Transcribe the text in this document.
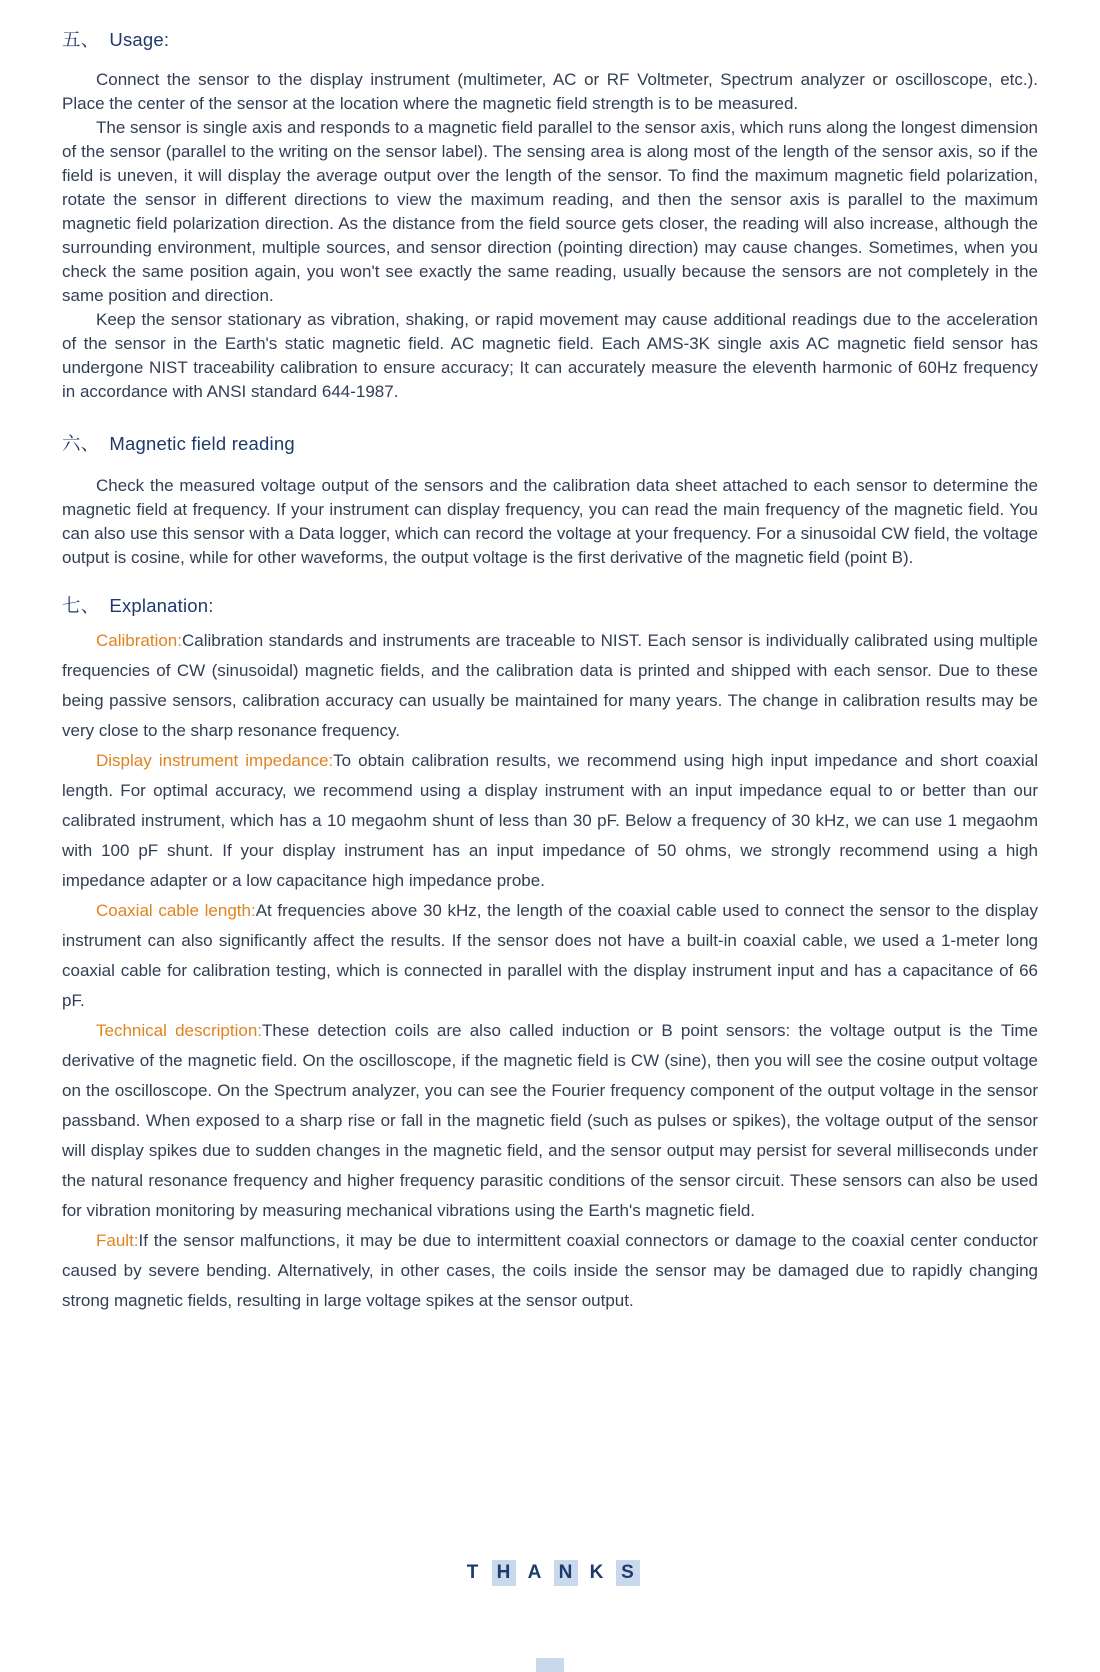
五、 Usage:

Connect the sensor to the display instrument (multimeter, AC or RF Voltmeter, Spectrum analyzer or oscilloscope, etc.). Place the center of the sensor at the location where the magnetic field strength is to be measured.

The sensor is single axis and responds to a magnetic field parallel to the sensor axis, which runs along the longest dimension of the sensor (parallel to the writing on the sensor label). The sensing area is along most of the length of the sensor axis, so if the field is uneven, it will display the average output over the length of the sensor. To find the maximum magnetic field polarization, rotate the sensor in different directions to view the maximum reading, and then the sensor axis is parallel to the maximum magnetic field polarization direction. As the distance from the field source gets closer, the reading will also increase, although the surrounding environment, multiple sources, and sensor direction (pointing direction) may cause changes. Sometimes, when you check the same position again, you won't see exactly the same reading, usually because the sensors are not completely in the same position and direction.

Keep the sensor stationary as vibration, shaking, or rapid movement may cause additional readings due to the acceleration of the sensor in the Earth's static magnetic field. AC magnetic field. Each AMS-3K single axis AC magnetic field sensor has undergone NIST traceability calibration to ensure accuracy; It can accurately measure the eleventh harmonic of 60Hz frequency in accordance with ANSI standard 644-1987.

六、 Magnetic field reading

Check the measured voltage output of the sensors and the calibration data sheet attached to each sensor to determine the magnetic field at frequency. If your instrument can display frequency, you can read the main frequency of the magnetic field. You can also use this sensor with a Data logger, which can record the voltage at your frequency. For a sinusoidal CW field, the voltage output is cosine, while for other waveforms, the output voltage is the first derivative of the magnetic field (point B).

七、 Explanation:

Calibration:Calibration standards and instruments are traceable to NIST. Each sensor is individually calibrated using multiple frequencies of CW (sinusoidal) magnetic fields, and the calibration data is printed and shipped with each sensor. Due to these being passive sensors, calibration accuracy can usually be maintained for many years. The change in calibration results may be very close to the sharp resonance frequency.

Display instrument impedance:To obtain calibration results, we recommend using high input impedance and short coaxial length. For optimal accuracy, we recommend using a display instrument with an input impedance equal to or better than our calibrated instrument, which has a 10 megaohm shunt of less than 30 pF. Below a frequency of 30 kHz, we can use 1 megaohm with 100 pF shunt. If your display instrument has an input impedance of 50 ohms, we strongly recommend using a high impedance adapter or a low capacitance high impedance probe.

Coaxial cable length:At frequencies above 30 kHz, the length of the coaxial cable used to connect the sensor to the display instrument can also significantly affect the results. If the sensor does not have a built-in coaxial cable, we used a 1-meter long coaxial cable for calibration testing, which is connected in parallel with the display instrument input and has a capacitance of 66 pF.

Technical description:These detection coils are also called induction or B point sensors: the voltage output is the Time derivative of the magnetic field. On the oscilloscope, if the magnetic field is CW (sine), then you will see the cosine output voltage on the oscilloscope. On the Spectrum analyzer, you can see the Fourier frequency component of the output voltage in the sensor passband. When exposed to a sharp rise or fall in the magnetic field (such as pulses or spikes), the voltage output of the sensor will display spikes due to sudden changes in the magnetic field, and the sensor output may persist for several milliseconds under the natural resonance frequency and higher frequency parasitic conditions of the sensor circuit. These sensors can also be used for vibration monitoring by measuring mechanical vibrations using the Earth's magnetic field.

Fault:If the sensor malfunctions, it may be due to intermittent coaxial connectors or damage to the coaxial center conductor caused by severe bending. Alternatively, in other cases, the coils inside the sensor may be damaged due to rapidly changing strong magnetic fields, resulting in large voltage spikes at the sensor output.

T H A N K S
